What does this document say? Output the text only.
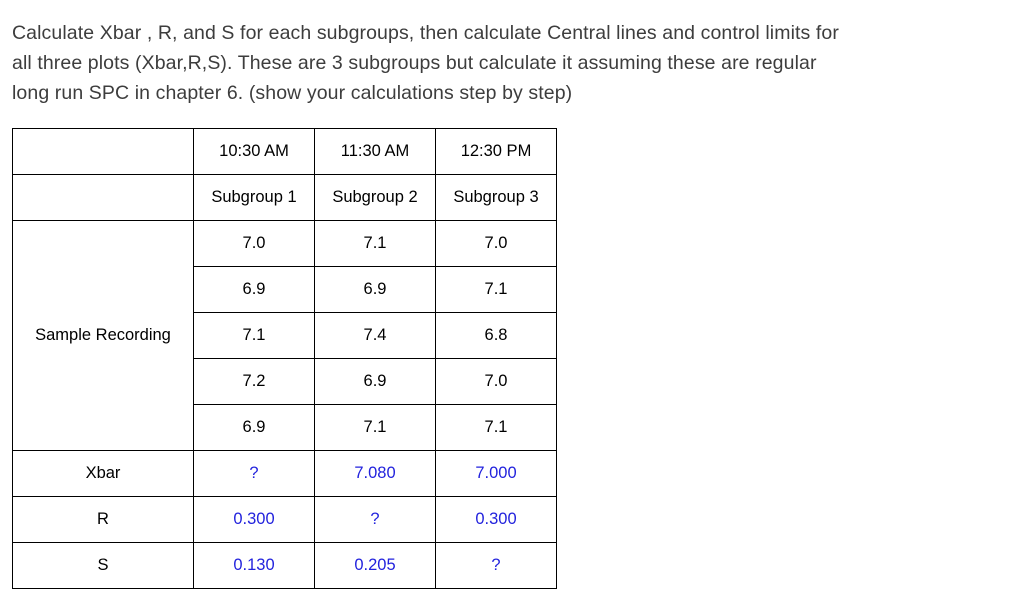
Calculate Xbar , R, and S for each subgroups, then calculate Central lines and control limits for

all three plots (Xbar,R,S). These are 3 subgroups but calculate it assuming these are regular

long run SPC in chapter 6. (show your calculations step by step)

	10:30 AM	11:30 AM	12:30 PM
	Subgroup 1	Subgroup 2	Subgroup 3
Sample Recording	7.0	7.1	7.0
	6.9	6.9	7.1
	7.1	7.4	6.8
	7.2	6.9	7.0
	6.9	7.1	7.1
Xbar	?	7.080	7.000
R	0.300	?	0.300
S	0.130	0.205	?
